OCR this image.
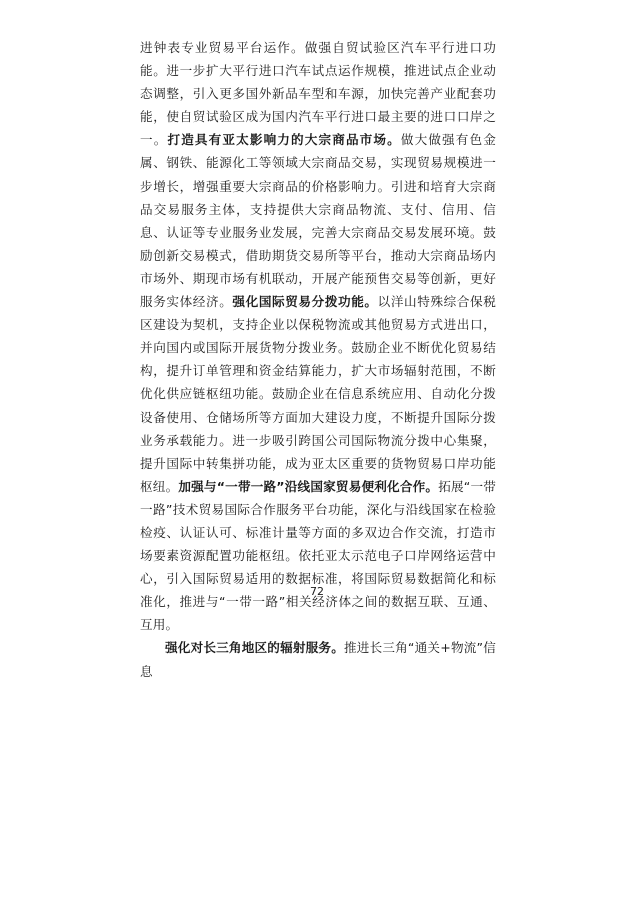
进钟表专业贸易平台运作。做强自贸试验区汽车平行进口功能。进一步扩大平行进口汽车试点运作规模，推进试点企业动态调整，引入更多国外新品车型和车源，加快完善产业配套功能，使自贸试验区成为国内汽车平行进口最主要的进口口岸之一。打造具有亚太影响力的大宗商品市场。做大做强有色金属、钢铁、能源化工等领域大宗商品交易，实现贸易规模进一步增长，增强重要大宗商品的价格影响力。引进和培育大宗商品交易服务主体，支持提供大宗商品物流、支付、信用、信息、认证等专业服务业发展，完善大宗商品交易发展环境。鼓励创新交易模式，借助期货交易所等平台，推动大宗商品场内市场外、期现市场有机联动，开展产能预售交易等创新，更好服务实体经济。强化国际贸易分拨功能。以洋山特殊综合保税区建设为契机，支持企业以保税物流或其他贸易方式进出口，并向国内或国际开展货物分拨业务。鼓励企业不断优化贸易结构，提升订单管理和资金结算能力，扩大市场辐射范围，不断优化供应链枢纽功能。鼓励企业在信息系统应用、自动化分拨设备使用、仓储场所等方面加大建设力度，不断提升国际分拨业务承载能力。进一步吸引跨国公司国际物流分拨中心集聚，提升国际中转集拼功能，成为亚太区重要的货物贸易口岸功能枢纽。加强与“一带一路”沿线国家贸易便利化合作。拓展“一带一路”技术贸易国际合作服务平台功能，深化与沿线国家在检验检疫、认证认可、标准计量等方面的多双边合作交流，打造市场要素资源配置功能枢纽。依托亚太示范电子口岸网络运营中心，引入国际贸易适用的数据标准，将国际贸易数据简化和标准化，推进与“一带一路”相关经济体之间的数据互联、互通、互用。

强化对长三角地区的辐射服务。推进长三角“通关+物流”信息

72
